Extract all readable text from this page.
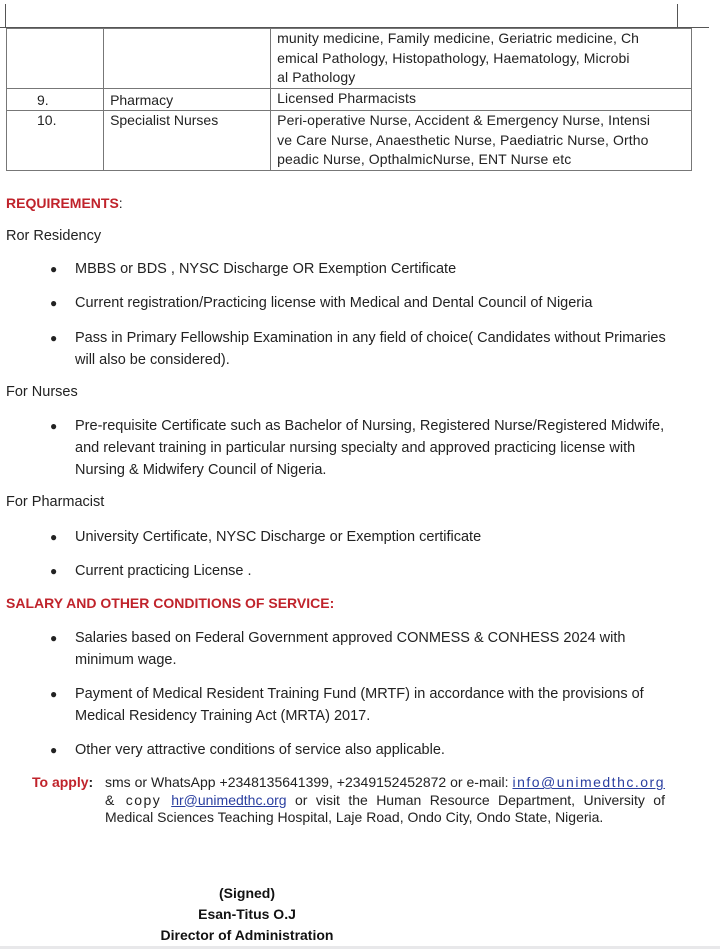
		munity medicine, Family medicine, Geriatric medicine, Ch
emical Pathology, Histopathology, Haematology, Microbi
al Pathology

9.	Pharmacy	Licensed Pharmacists

10.	Specialist Nurses	Peri-operative Nurse, Accident & Emergency Nurse, Intensi
ve Care Nurse, Anaesthetic Nurse, Paediatric Nurse, Ortho
peadic Nurse, OpthalmicNurse, ENT Nurse etc
REQUIREMENTS:
Ror Residency
● MBBS or BDS , NYSC Discharge OR Exemption Certificate
● Current registration/Practicing license with Medical and Dental Council of Nigeria
● Pass in Primary Fellowship Examination in any field of choice( Candidates without Primaries will also be considered).
For Nurses
● Pre-requisite Certificate such as Bachelor of Nursing, Registered Nurse/Registered Midwife, and relevant training in particular nursing specialty and approved practicing license with Nursing & Midwifery Council of Nigeria.
For Pharmacist
● University Certificate, NYSC Discharge or Exemption certificate
● Current practicing License .
SALARY AND OTHER CONDITIONS OF SERVICE:
● Salaries based on Federal Government approved CONMESS & CONHESS 2024 with minimum wage.
● Payment of Medical Resident Training Fund (MRTF) in accordance with the provisions of Medical Residency Training Act (MRTA) 2017.
● Other very attractive conditions of service also applicable.
To apply: sms or WhatsApp +2348135641399, +2349152452872 or e-mail: info@unimedthc.org & copy hr@unimedthc.org or visit the Human Resource Department, University of Medical Sciences Teaching Hospital, Laje Road, Ondo City, Ondo State, Nigeria.
(Signed)
Esan-Titus O.J
Director of Administration
